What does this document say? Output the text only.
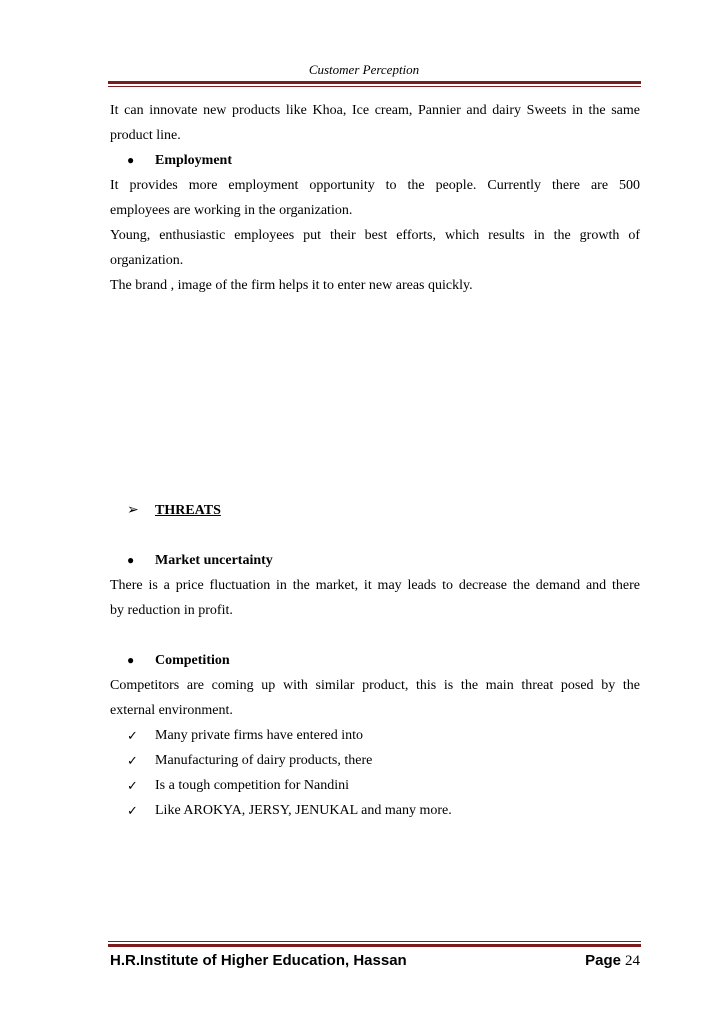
Customer Perception

It can innovate new products like Khoa, Ice cream, Pannier and dairy Sweets in the same

product line.

●	Employment

It provides more employment opportunity to the people. Currently there are 500

employees are working in the organization.

Young, enthusiastic employees put their best efforts, which results in the growth of

organization.

The brand , image of the firm helps it to enter new areas quickly.

➢	THREATS
●	Market uncertainty

There is a price fluctuation in the market, it may leads to decrease the demand and there

by reduction in profit.

●	Competition

Competitors are coming up with similar product, this is the main threat posed by the

external environment.

✓	Many private firms have entered into
✓	Manufacturing of dairy products, there
✓	Is a tough competition for Nandini
✓	Like AROKYA, JERSY, JENUKAL and many more.
H.R.Institute of Higher Education, Hassan	Page 24
